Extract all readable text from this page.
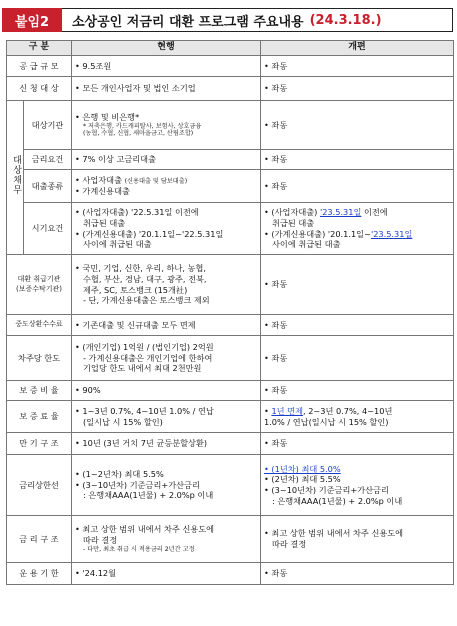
붙임2	소상공인 저금리 대환 프로그램 주요내용 (24.3.18.)
구 분		현행	개편
공 급 규 모		• 9.5조원	• 좌동
신 청 대 상		• 모든 개인사업자 및 법인 소기업	• 좌동
대상채무	대상기관	• 은행 및 비은행*
* 저축은행, 카드캐피탈사, 보험사, 상호금융
(농협, 수협, 신협, 새마을금고, 산림조합)	• 좌동
	금리요건	• 7% 이상 고금리대출	• 좌동
	대출종류	• 사업자대출 (신용대출 및 담보대출)
• 가계신용대출	• 좌동
	시기요건	• (사업자대출) '22.5.31일 이전에
취급된 대출
• (가계신용대출) '20.1.1일~'22.5.31일
사이에 취급된 대출	• (사업자대출) '23.5.31일 이전에
취급된 대출
• (가계신용대출) '20.1.1일~'23.5.31일
사이에 취급된 대출

대환 취급기관
(보증수탁기관)		• 국민, 기업, 신한, 우리, 하나, 농협,
수협, 부산, 경남, 대구, 광주, 전북,
제주, SC, 토스뱅크 (15개社)
- 단, 가계신용대출은 토스뱅크 제외	• 좌동
중도상환수수료		• 기존대출 및 신규대출 모두 면제	• 좌동
차주당 한도		• (개인기업) 1억원 / (법인기업) 2억원
- 가계신용대출은 개인기업에 한하여
기업당 한도 내에서 최대 2천만원	• 좌동
보 증 비 율		• 90%	• 좌동
보 증 료 율		• 1~3년 0.7%, 4~10년 1.0% / 연납
(일시납 시 15% 할인)	• 1년 면제, 2~3년 0.7%, 4~10년
1.0% / 연납(일시납 시 15% 할인)

만 기 구 조		• 10년 (3년 거치 7년 균등분할상환)	• 좌동
금리상한선		• (1~2년차) 최대 5.5%
• (3~10년차) 기준금리+가산금리
: 은행채AAA(1년물) + 2.0%p 이내	• (1년차) 최대 5.0%
• (2년차) 최대 5.5%
• (3~10년차) 기준금리+가산금리
: 은행채AAA(1년물) + 2.0%p 이내

금 리 구 조		• 최고 상한 범위 내에서 차주 신용도에
따라 결정
- 다만, 최초 취급 시 적용금리 2년간 고정	• 최고 상한 범위 내에서 차주 신용도에
따라 결정

운 용 기 한		• '24.12월	• 좌동
